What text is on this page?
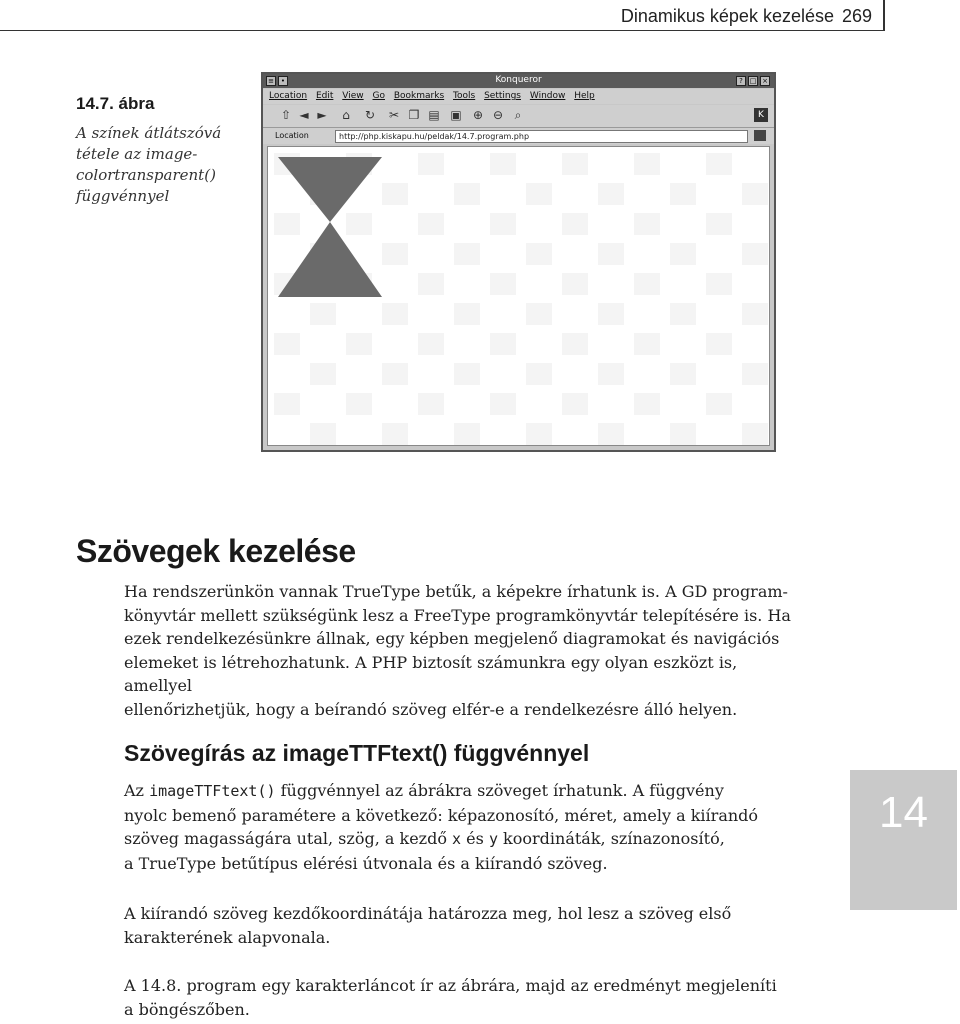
Dinamikus képek kezelése 269
14.7. ábra
A színek átlátszóvá
tétele az image-
colortransparent()
függvénnyel
≡ •	Konqueror	? □ ×
Location Edit View Go Bookmarks Tools Settings Window Help
⇧ ◄ ► ⌂ ↻ ✂ ❐ ▤ ▣ ⊕ ⊖ ⌕	K
Location	http://php.kiskapu.hu/peldak/14.7.program.php
Szövegek kezelése
Ha rendszerünkön vannak TrueType betűk, a képekre írhatunk is. A GD program-
könyvtár mellett szükségünk lesz a FreeType programkönyvtár telepítésére is. Ha
ezek rendelkezésünkre állnak, egy képben megjelenő diagramokat és navigációs
elemeket is létrehozhatunk. A PHP biztosít számunkra egy olyan eszközt is, amellyel
ellenőrizhetjük, hogy a beírandó szöveg elfér-e a rendelkezésre álló helyen.
Szövegírás az imageTTFtext() függvénnyel
Az imageTTFtext() függvénnyel az ábrákra szöveget írhatunk. A függvény
nyolc bemenő paramétere a következő: képazonosító, méret, amely a kiírandó
szöveg magasságára utal, szög, a kezdő x és y koordináták, színazonosító,
a TrueType betűtípus elérési útvonala és a kiírandó szöveg.
A kiírandó szöveg kezdőkoordinátája határozza meg, hol lesz a szöveg első
karakterének alapvonala.
A 14.8. program egy karakterláncot ír az ábrára, majd az eredményt megjeleníti
a böngészőben.
14
